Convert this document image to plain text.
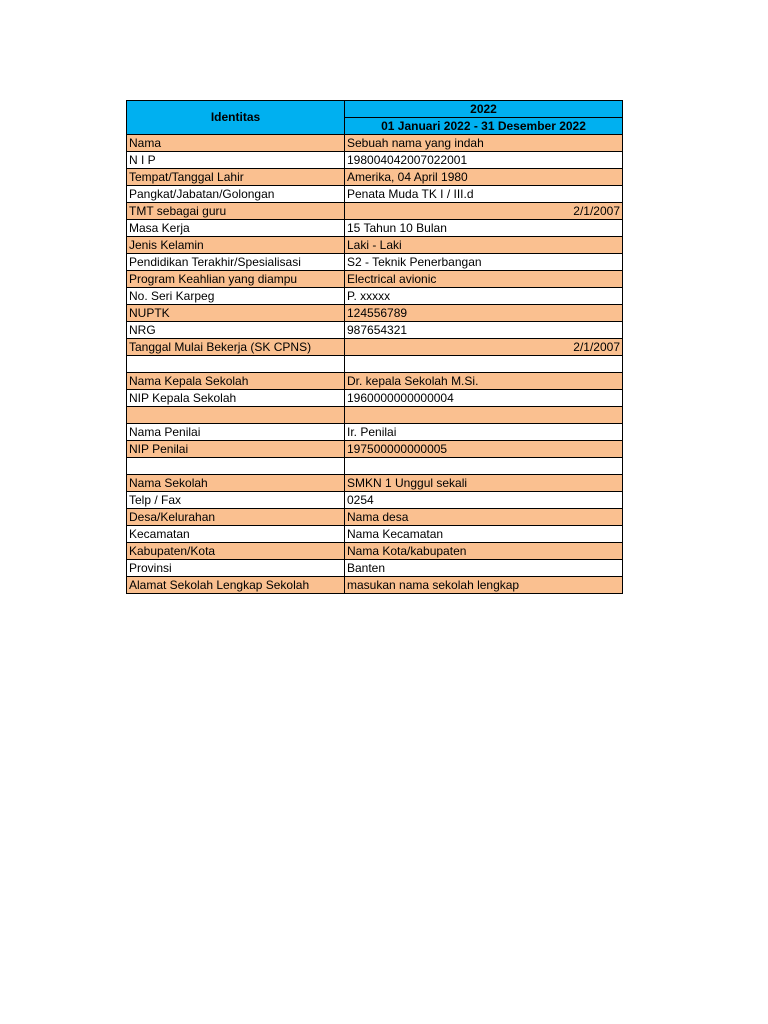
Identitas	2022
	01 Januari 2022 - 31 Desember 2022
Nama	Sebuah nama yang indah
N I P	198004042007022001
Tempat/Tanggal Lahir	Amerika, 04 April 1980
Pangkat/Jabatan/Golongan	Penata Muda TK I / III.d
TMT sebagai guru	2/1/2007
Masa Kerja	15 Tahun 10 Bulan
Jenis Kelamin	Laki - Laki
Pendidikan Terakhir/Spesialisasi	S2 - Teknik Penerbangan
Program Keahlian yang diampu	Electrical avionic
No. Seri Karpeg	P. xxxxx
NUPTK	124556789
NRG	987654321
Tanggal Mulai Bekerja (SK CPNS)	2/1/2007

Nama Kepala Sekolah	Dr. kepala Sekolah M.Si.
NIP Kepala Sekolah	1960000000000004

Nama Penilai	Ir. Penilai
NIP Penilai	197500000000005

Nama Sekolah	SMKN 1 Unggul sekali
Telp / Fax	0254
Desa/Kelurahan	Nama desa
Kecamatan	Nama Kecamatan
Kabupaten/Kota	Nama Kota/kabupaten
Provinsi	Banten
Alamat Sekolah Lengkap Sekolah	masukan nama sekolah lengkap
